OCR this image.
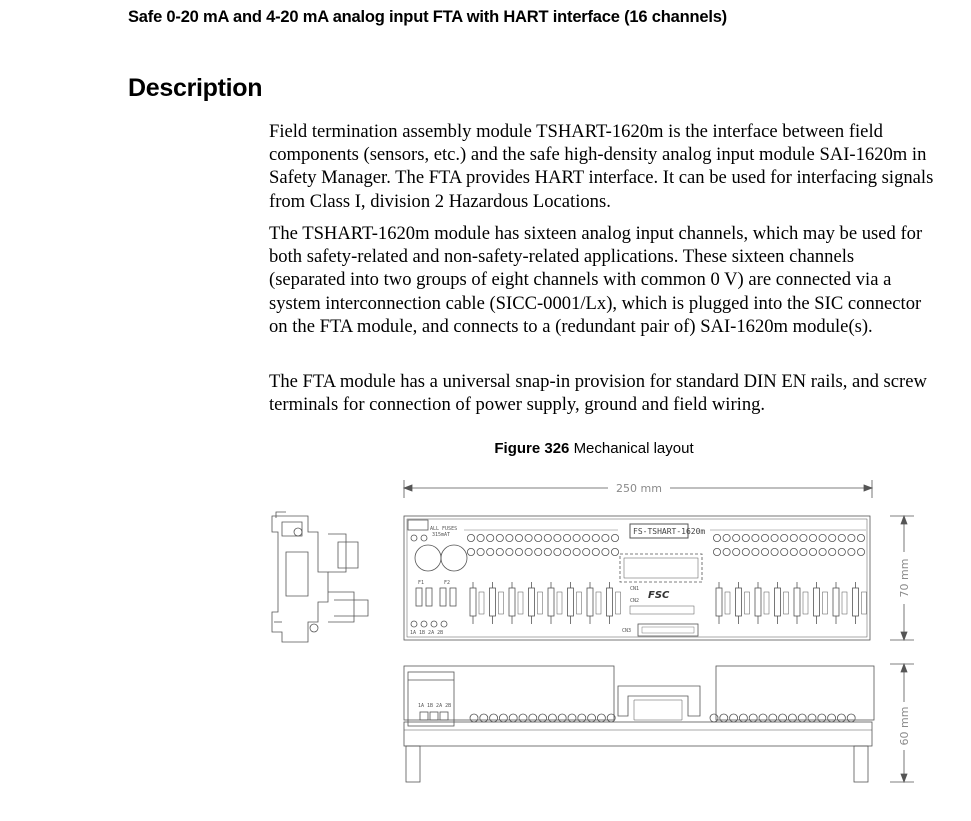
Safe 0-20 mA and 4-20 mA analog input FTA with HART interface (16 channels)
Description

Field termination assembly module TSHART-1620m is the interface between field components (sensors, etc.) and the safe high-density analog input module SAI-1620m in Safety Manager. The FTA provides HART interface. It can be used for interfacing signals from Class I, division 2 Hazardous Locations.

The TSHART-1620m module has sixteen analog input channels, which may be used for both safety-related and non-safety-related applications. These sixteen channels (separated into two groups of eight channels with common 0 V) are connected via a system interconnection cable (SICC-0001/Lx), which is plugged into the SIC connector on the FTA module, and connects to a (redundant pair of) SAI-1620m module(s).

The FTA module has a universal snap-in provision for standard DIN EN rails, and screw terminals for connection of power supply, ground and field wiring.

Figure 326 Mechanical layout
250 mm
ALL FUSES
315mAT
F1	F2
1A 1B 2A 2B
FS-TSHART-1620m
CN1
FSC
CN2
CN3
70 mm
1A 1B 2A 2B
60 mm
